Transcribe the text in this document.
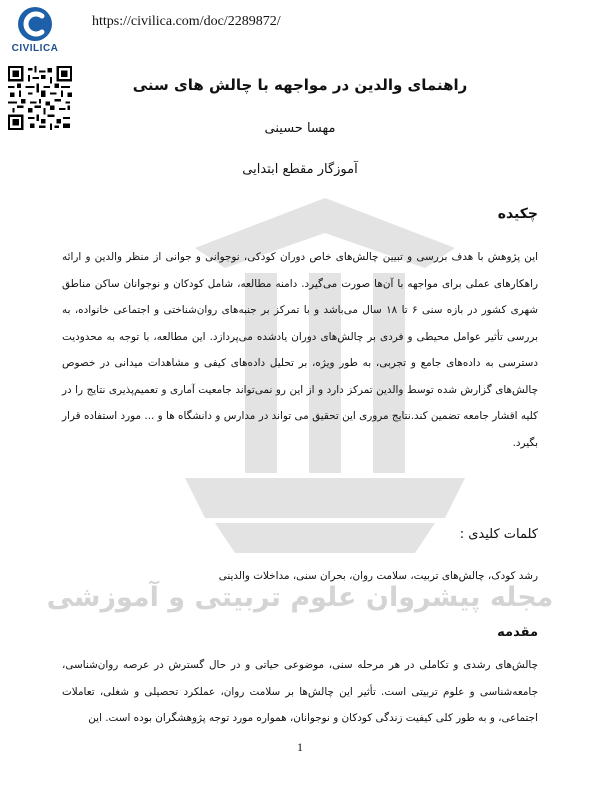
CIVILICA
https://civilica.com/doc/2289872/
مجله پیشروان علوم تربیتی و آموزشی
راهنمای والدین در مواجهه با چالش های سنی
مهسا حسینی
آموزگار مقطع ابتدایی
چکیده

این پژوهش با هدف بررسی و تبیین چالش‌های خاص دوران کودکی، نوجوانی و جوانی از منظر والدین و ارائه راهکارهای عملی برای مواجهه با آن‌ها صورت می‌گیرد. دامنه مطالعه، شامل کودکان و نوجوانان ساکن مناطق شهری کشور در بازه سنی ۶ تا ۱۸ سال می‌باشد و با تمرکز بر جنبه‌های روان‌شناختی و اجتماعی خانواده، به بررسی تأثیر عوامل محیطی و فردی بر چالش‌های دوران یادشده می‌پردازد. این مطالعه، با توجه به محدودیت دسترسی به داده‌های جامع و تجربی، به طور ویژه، بر تحلیل داده‌های کیفی و مشاهدات میدانی در خصوص چالش‌های گزارش شده توسط والدین تمرکز دارد و از این رو نمی‌تواند جامعیت آماری و تعمیم‌پذیری نتایج را در کلیه اقشار جامعه تضمین کند.نتایج مروری این تحقیق می تواند در مدارس و دانشگاه ها و ... مورد استفاده قرار بگیرد.

کلمات کلیدی :
رشد کودک، چالش‌های تربیت، سلامت روان، بحران سنی، مداخلات والدینی
مقدمه

چالش‌های رشدی و تکاملی در هر مرحله سنی، موضوعی حیاتی و در حال گسترش در عرصه روان‌شناسی، جامعه‌شناسی و علوم تربیتی است. تأثیر این چالش‌ها بر سلامت روان، عملکرد تحصیلی و شغلی، تعاملات اجتماعی، و به طور کلی کیفیت زندگی کودکان و نوجوانان، همواره مورد توجه پژوهشگران بوده است. این

1
